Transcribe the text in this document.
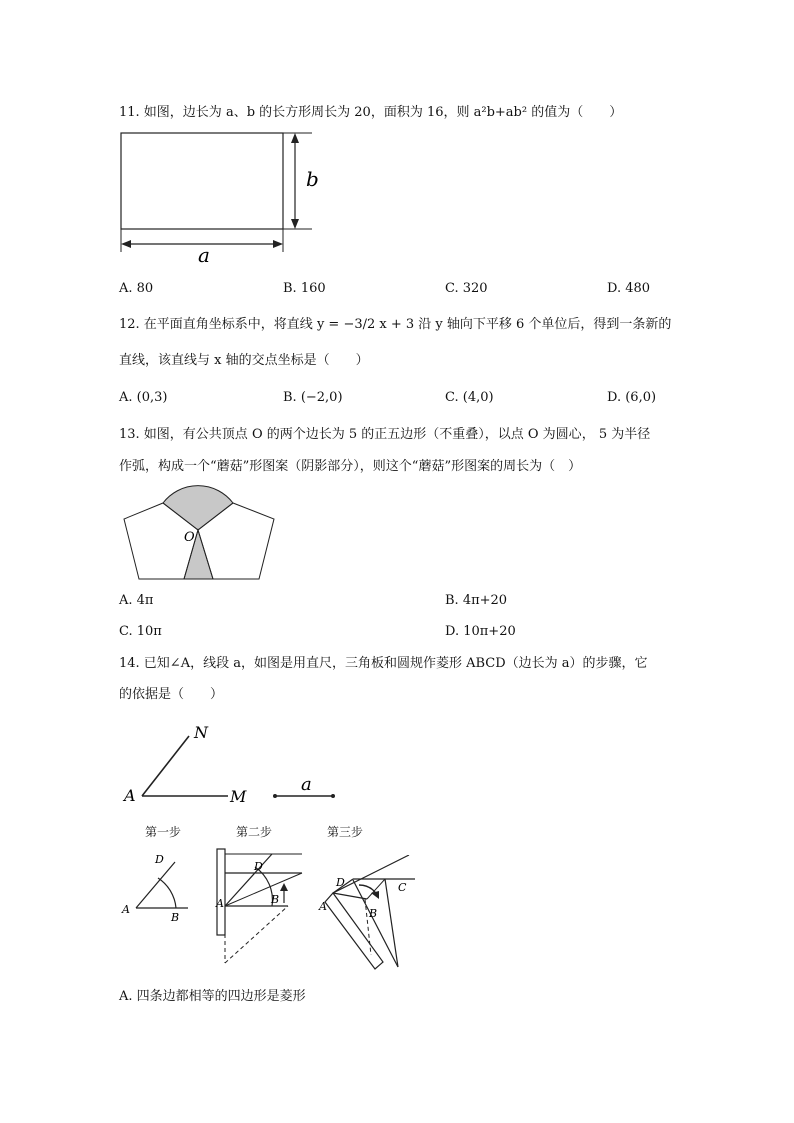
11. 如图，边长为 a、b 的长方形周长为 20，面积为 16，则 a²b+ab² 的值为（　　）
b
a
A. 80	B. 160	C. 320	D. 480
12. 在平面直角坐标系中，将直线 y = −3/2 x + 3 沿 y 轴向下平移 6 个单位后，得到一条新的
直线，该直线与 x 轴的交点坐标是（　　）
A. (0,3)	B. (−2,0)	C. (4,0)	D. (6,0)
13. 如图，有公共顶点 O 的两个边长为 5 的正五边形（不重叠），以点 O 为圆心， 5 为半径
作弧，构成一个“蘑菇”形图案（阴影部分），则这个“蘑菇”形图案的周长为（　）
O
A. 4π	B. 4π+20
C. 10π	D. 10π+20
14. 已知∠A，线段 a，如图是用直尺，三角板和圆规作菱形 ABCD（边长为 a）的步骤，它
的依据是（　　）
A	M
N
a
第一步	第二步	第三步
A
B
D
A	B
D
A
B
C
D
A. 四条边都相等的四边形是菱形
